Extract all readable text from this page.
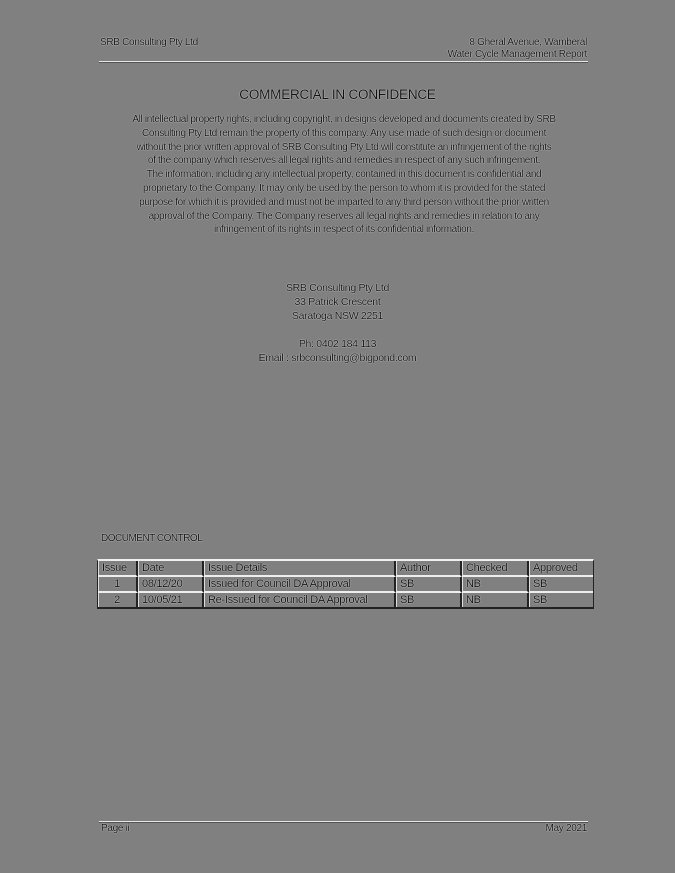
SRB Consulting Pty Ltd	8 Gheral Avenue, Wamberal
Water Cycle Management Report
COMMERCIAL IN CONFIDENCE
All intellectual property rights, including copyright, in designs developed and documents created by SRB
Consulting Pty Ltd remain the property of this company. Any use made of such design or document
without the prior written approval of SRB Consulting Pty Ltd will constitute an infringement of the rights
of the company which reserves all legal rights and remedies in respect of any such infringement.
The information, including any intellectual property, contained in this document is confidential and
proprietary to the Company. It may only be used by the person to whom it is provided for the stated
purpose for which it is provided and must not be imparted to any third person without the prior written
approval of the Company. The Company reserves all legal rights and remedies in relation to any
infringement of its rights in respect of its confidential information.
SRB Consulting Pty Ltd
33 Patrick Crescent
Saratoga NSW 2251
Ph: 0402 184 113
Email : srbconsulting@bigpond.com
DOCUMENT CONTROL
Issue	Date	Issue Details	Author	Checked	Approved
1	08/12/20	Issued for Council DA Approval	SB	NB	SB
2	10/05/21	Re-Issued for Council DA Approval	SB	NB	SB
Page ii	May 2021
